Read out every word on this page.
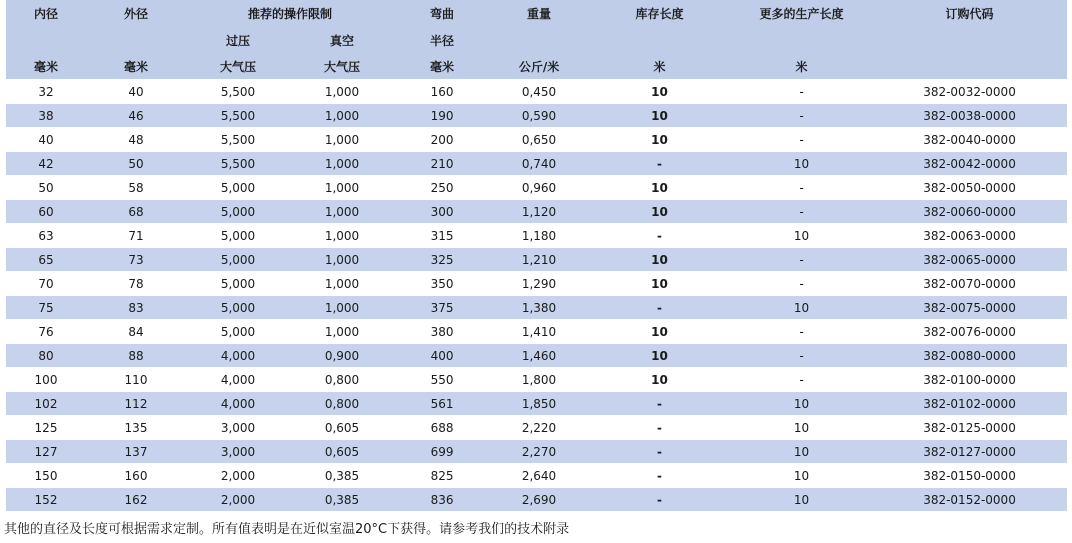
内径	外径	推荐的操作限制		弯曲	重量	库存长度	更多的生产长度	订购代码
		过压	真空	半径				
毫米	毫米	大气压	大气压	毫米	公斤/米	米	米	
32	40	5,500	1,000	160	0,450	10	-	382-0032-0000
38	46	5,500	1,000	190	0,590	10	-	382-0038-0000
40	48	5,500	1,000	200	0,650	10	-	382-0040-0000
42	50	5,500	1,000	210	0,740	-	10	382-0042-0000
50	58	5,000	1,000	250	0,960	10	-	382-0050-0000
60	68	5,000	1,000	300	1,120	10	-	382-0060-0000
63	71	5,000	1,000	315	1,180	-	10	382-0063-0000
65	73	5,000	1,000	325	1,210	10	-	382-0065-0000
70	78	5,000	1,000	350	1,290	10	-	382-0070-0000
75	83	5,000	1,000	375	1,380	-	10	382-0075-0000
76	84	5,000	1,000	380	1,410	10	-	382-0076-0000
80	88	4,000	0,900	400	1,460	10	-	382-0080-0000
100	110	4,000	0,800	550	1,800	10	-	382-0100-0000
102	112	4,000	0,800	561	1,850	-	10	382-0102-0000
125	135	3,000	0,605	688	2,220	-	10	382-0125-0000
127	137	3,000	0,605	699	2,270	-	10	382-0127-0000
150	160	2,000	0,385	825	2,640	-	10	382-0150-0000
152	162	2,000	0,385	836	2,690	-	10	382-0152-0000
其他的直径及长度可根据需求定制。所有值表明是在近似室温20°C下获得。请参考我们的技术附录
